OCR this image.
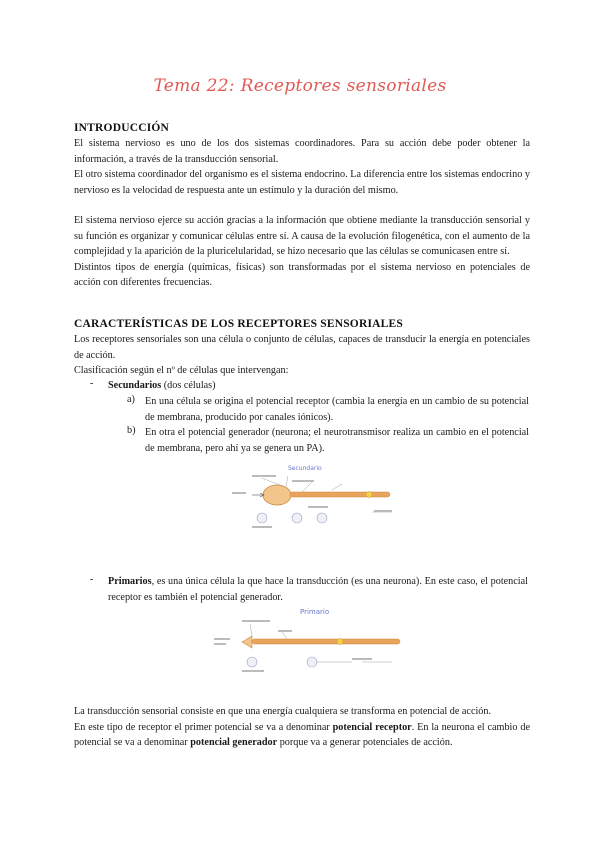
Tema 22: Receptores sensoriales
INTRODUCCIÓN

El sistema nervioso es uno de los dos sistemas coordinadores. Para su acción debe poder obtener la información, a través de la transducción sensorial.

El otro sistema coordinador del organismo es el sistema endocrino. La diferencia entre los sistemas endocrino y nervioso es la velocidad de respuesta ante un estímulo y la duración del mismo.

El sistema nervioso ejerce su acción gracias a la información que obtiene mediante la transducción sensorial y su función es organizar y comunicar células entre sí. A causa de la evolución filogenética, con el aumento de la complejidad y la aparición de la pluricelularidad, se hizo necesario que las células se comunicasen entre sí.

Distintos tipos de energía (químicas, físicas) son transformadas por el sistema nervioso en potenciales de acción con diferentes frecuencias.

CARACTERÍSTICAS DE LOS RECEPTORES SENSORIALES

Los receptores sensoriales son una célula o conjunto de células, capaces de transducir la energía en potenciales de acción.

Clasificación según el nº de células que intervengan:

- Secundarios (dos células)
a) En una célula se origina el potencial receptor (cambia la energía en un cambio de su potencial de membrana, producido por canales iónicos).
b) En otra el potencial generador (neurona; el neurotransmisor realiza un cambio en el potencial de membrana, pero ahí ya se genera un PA).
Secundario
- Primarios, es una única célula la que hace la transducción (es una neurona). En este caso, el potencial receptor es también el potencial generador.
Primario

La transducción sensorial consiste en que una energía cualquiera se transforma en potencial de acción.

En este tipo de receptor el primer potencial se va a denominar potencial receptor. En la neurona el cambio de potencial se va a denominar potencial generador porque va a generar potenciales de acción.
